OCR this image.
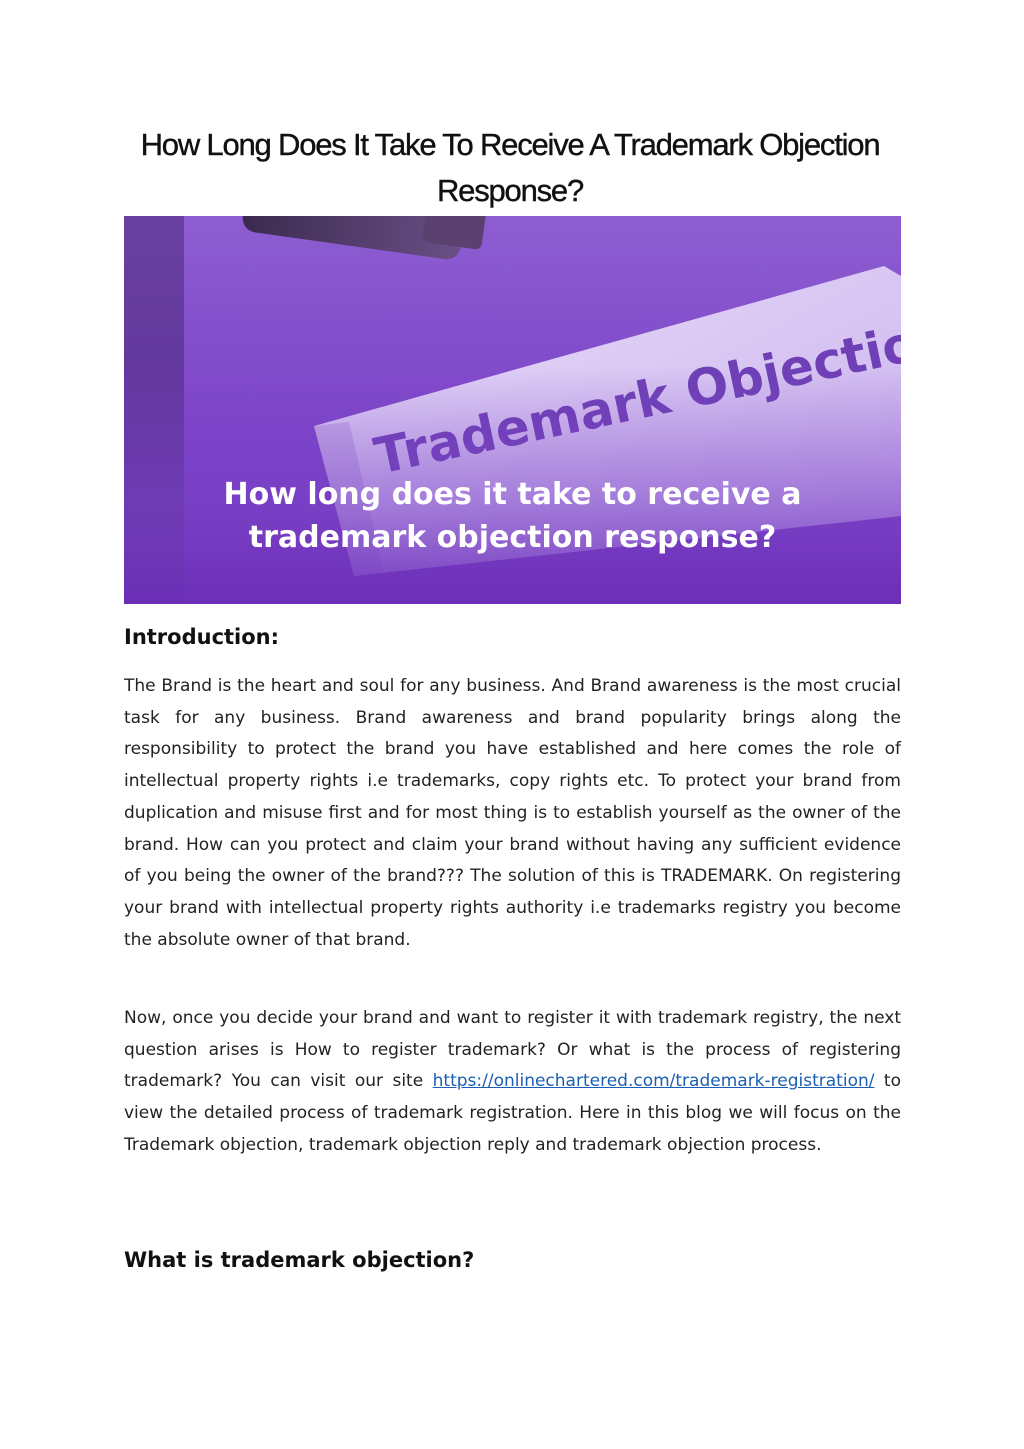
How Long Does It Take To Receive A Trademark Objection Response?
How long does it take to receive a
trademark objection response?
Introduction:

The Brand is the heart and soul for any business. And Brand awareness is the most crucial task for any business. Brand awareness and brand popularity brings along the responsibility to protect the brand you have established and here comes the role of intellectual property rights i.e trademarks, copy rights etc. To protect your brand from duplication and misuse first and for most thing is to establish yourself as the owner of the brand. How can you protect and claim your brand without having any sufficient evidence of you being the owner of the brand??? The solution of this is TRADEMARK. On registering your brand with intellectual property rights authority i.e trademarks registry you become the absolute owner of that brand.

Now, once you decide your brand and want to register it with trademark registry, the next question arises is How to register trademark? Or what is the process of registering trademark? You can visit our site https://onlinechartered.com/trademark-registration/ to view the detailed process of trademark registration. Here in this blog we will focus on the Trademark objection, trademark objection reply and trademark objection process.

What is trademark objection?
